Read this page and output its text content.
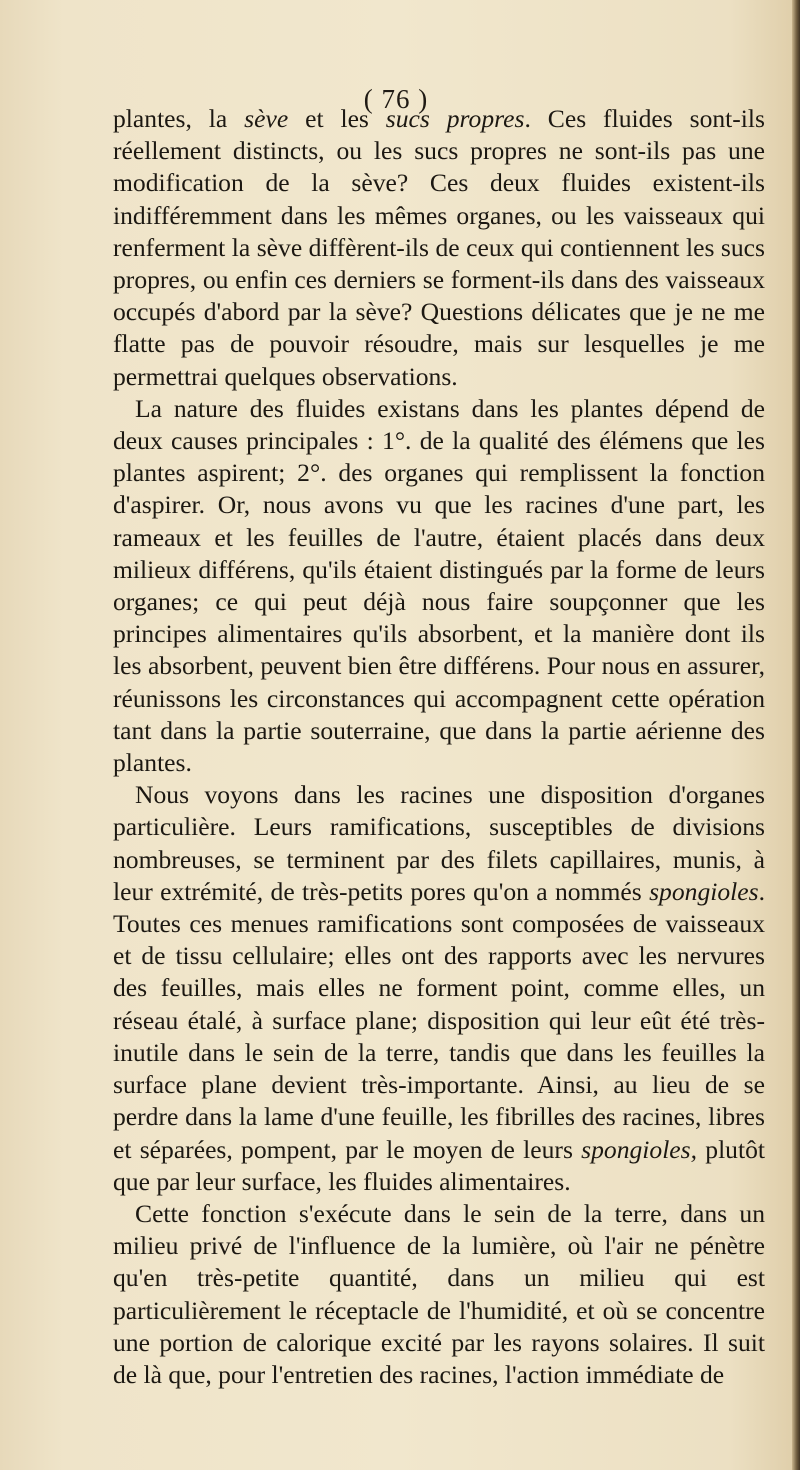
( 76 )

plantes, la sève et les sucs propres. Ces fluides sont-ils réellement distincts, ou les sucs propres ne sont-ils pas une modification de la sève? Ces deux fluides existent-ils indifféremment dans les mêmes organes, ou les vaisseaux qui renferment la sève diffèrent-ils de ceux qui contiennent les sucs propres, ou enfin ces derniers se forment-ils dans des vaisseaux occupés d'abord par la sève? Questions délicates que je ne me flatte pas de pouvoir résoudre, mais sur lesquelles je me permettrai quelques observations.

La nature des fluides existans dans les plantes dépend de deux causes principales : 1°. de la qualité des élémens que les plantes aspirent; 2°. des organes qui remplissent la fonction d'aspirer. Or, nous avons vu que les racines d'une part, les rameaux et les feuilles de l'autre, étaient placés dans deux milieux différens, qu'ils étaient distingués par la forme de leurs organes; ce qui peut déjà nous faire soupçonner que les principes alimentaires qu'ils absorbent, et la manière dont ils les absorbent, peuvent bien être différens. Pour nous en assurer, réunissons les circonstances qui accompagnent cette opération tant dans la partie souterraine, que dans la partie aérienne des plantes.

Nous voyons dans les racines une disposition d'organes particulière. Leurs ramifications, susceptibles de divisions nombreuses, se terminent par des filets capillaires, munis, à leur extrémité, de très-petits pores qu'on a nommés spongioles. Toutes ces menues ramifications sont composées de vaisseaux et de tissu cellulaire; elles ont des rapports avec les nervures des feuilles, mais elles ne forment point, comme elles, un réseau étalé, à surface plane; disposition qui leur eût été très-inutile dans le sein de la terre, tandis que dans les feuilles la surface plane devient très-importante. Ainsi, au lieu de se perdre dans la lame d'une feuille, les fibrilles des racines, libres et séparées, pompent, par le moyen de leurs spongioles, plutôt que par leur surface, les fluides alimentaires.

Cette fonction s'exécute dans le sein de la terre, dans un milieu privé de l'influence de la lumière, où l'air ne pénètre qu'en très-petite quantité, dans un milieu qui est particulièrement le réceptacle de l'humidité, et où se concentre une portion de calorique excité par les rayons solaires. Il suit de là que, pour l'entretien des racines, l'action immédiate de
